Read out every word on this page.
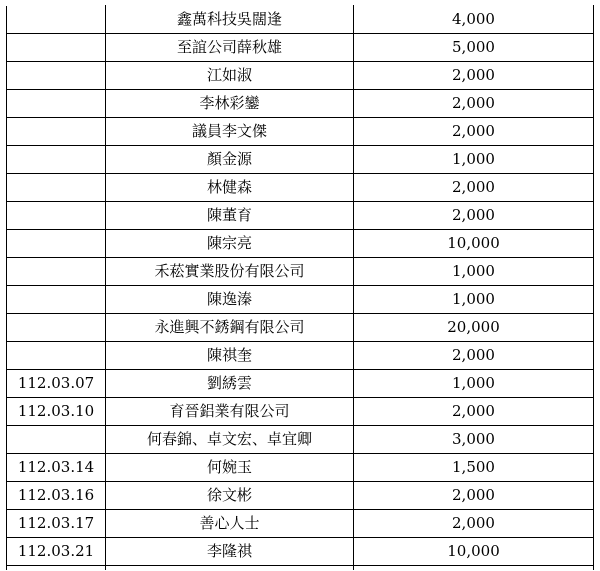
	鑫萬科技吳闊逢	4,000
	至誼公司薛秋雄	5,000
	江如淑	2,000
	李林彩鑾	2,000
	議員李文傑	2,000
	顏金源	1,000
	林健森	2,000
	陳董育	2,000
	陳宗亮	10,000
	禾菘實業股份有限公司	1,000
	陳逸溱	1,000
	永進興不銹鋼有限公司	20,000
	陳祺奎	2,000
112.03.07	劉綉雲	1,000
112.03.10	育晉鋁業有限公司	2,000
	何春錦、卓文宏、卓宜卿	3,000
112.03.14	何婉玉	1,500
112.03.16	徐文彬	2,000
112.03.17	善心人士	2,000
112.03.21	李隆祺	10,000
